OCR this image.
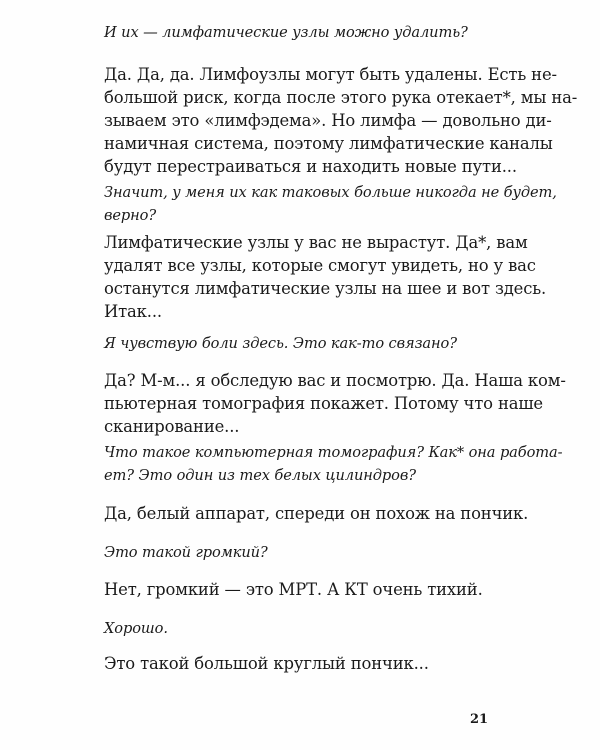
И их — лимфатические узлы можно удалить?

Да. Да, да. Лимфоузлы могут быть удалены. Есть не-
большой риск, когда после этого рука отекает*, мы на-
зываем это «лимфэдема». Но лимфа — довольно ди-
намичная система, поэтому лимфатические каналы
будут перестраиваться и находить новые пути...

Значит, у меня их как таковых больше никогда не будет,
верно?

Лимфатические узлы у вас не вырастут. Да*, вам
удалят все узлы, которые смогут увидеть, но у вас
останутся лимфатические узлы на шее и вот здесь.
Итак...

Я чувствую боли здесь. Это как-то связано?

Да? М-м... я обследую вас и посмотрю. Да. Наша ком-
пьютерная томография покажет. Потому что наше
сканирование...

Что такое компьютерная томография? Как* она работа-
ет? Это один из тех белых цилиндров?

Да, белый аппарат, спереди он похож на пончик.

Это такой громкий?

Нет, громкий — это МРТ. А КТ очень тихий.

Хорошо.

Это такой большой круглый пончик...

21
